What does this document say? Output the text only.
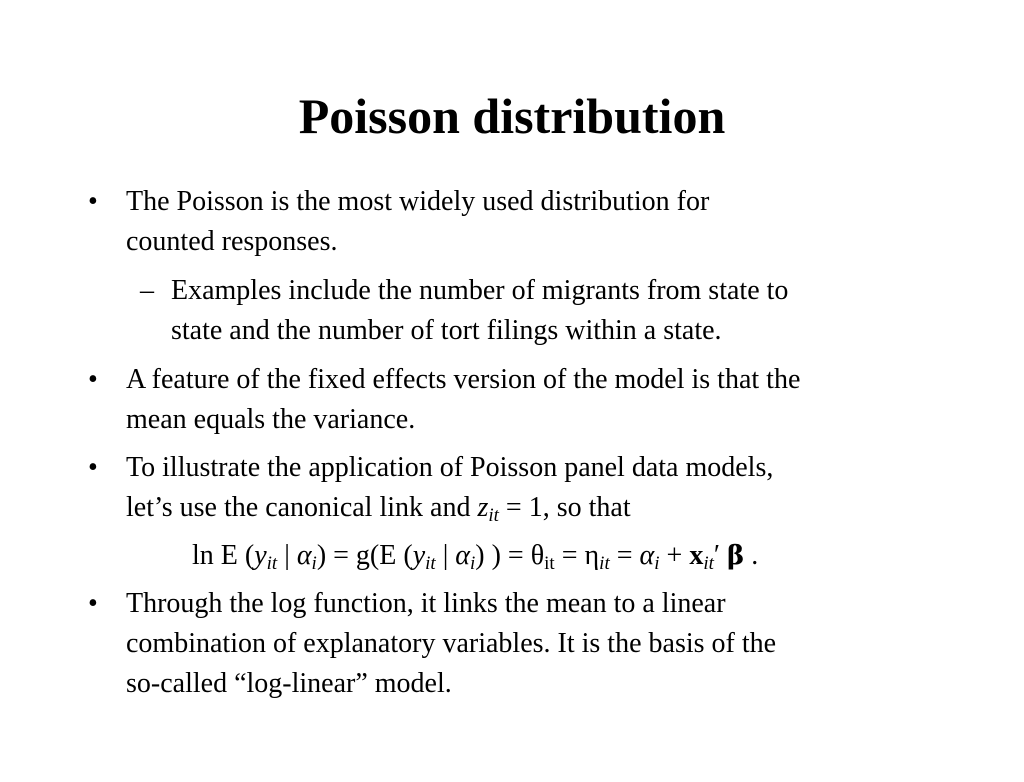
Poisson distribution
• The Poisson is the most widely used distribution for
counted responses.
– Examples include the number of migrants from state to
state and the number of tort filings within a state.
• A feature of the fixed effects version of the model is that the
mean equals the variance.
• To illustrate the application of Poisson panel data models,
let’s use the canonical link and $z_{it} = 1$, so that
ln E ($y_{it}$ | $\alpha_i) = g(E$ ($y_{it}$ | $\alpha_i$) ) = $\theta_{it} = \eta_{it} = \alpha_i + x_{it}'$ β .
• Through the log function, it links the mean to a linear
combination of explanatory variables. It is the basis of the
so-called “log-linear” model.
